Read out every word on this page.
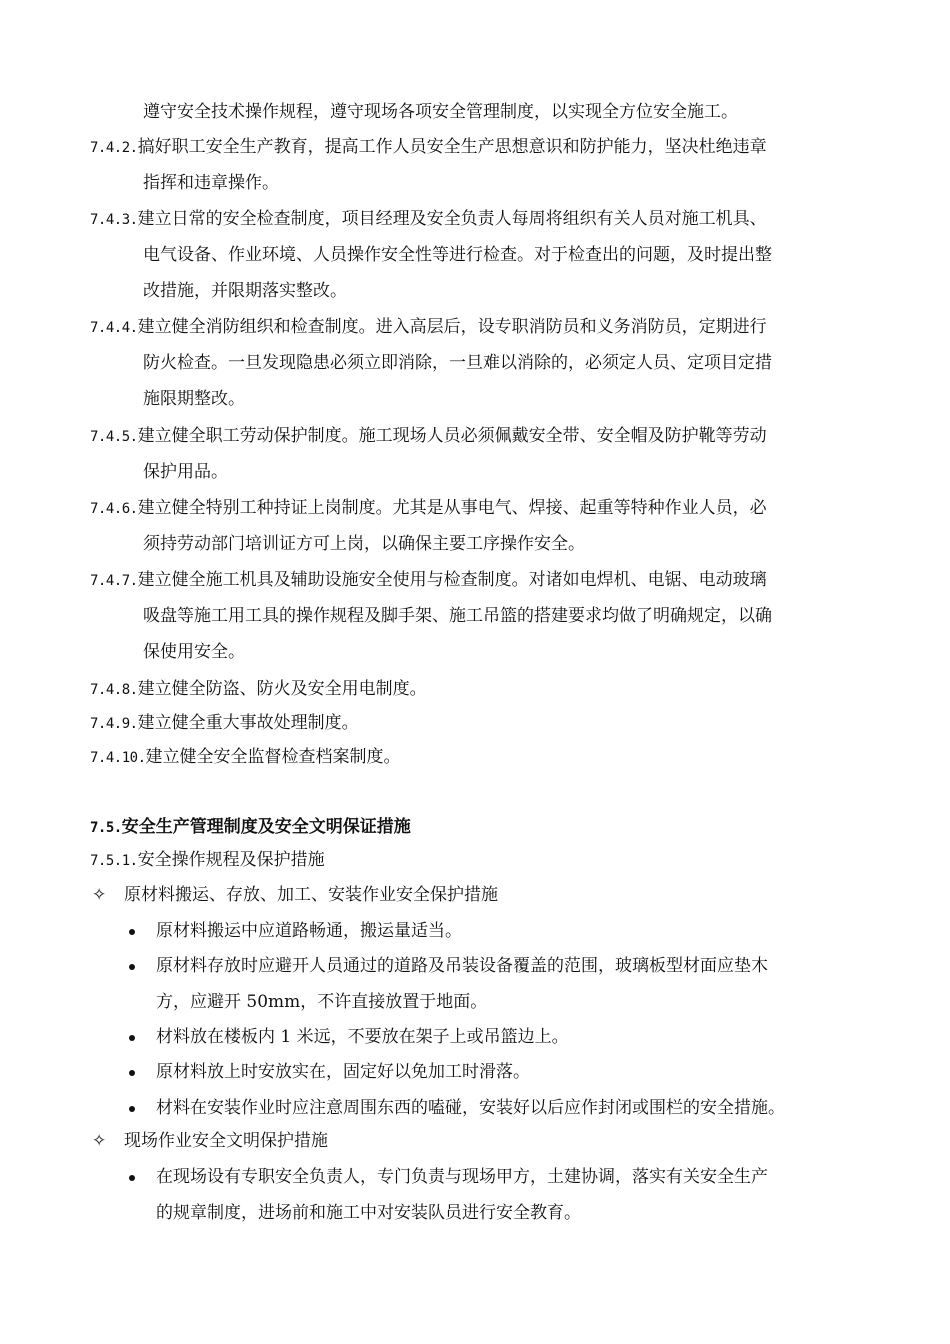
遵守安全技术操作规程，遵守现场各项安全管理制度，以实现全方位安全施工。
7.4.2.搞好职工安全生产教育，提高工作人员安全生产思想意识和防护能力，坚决杜绝违章
指挥和违章操作。
7.4.3.建立日常的安全检查制度，项目经理及安全负责人每周将组织有关人员对施工机具、
电气设备、作业环境、人员操作安全性等进行检查。对于检查出的问题，及时提出整
改措施，并限期落实整改。
7.4.4.建立健全消防组织和检查制度。进入高层后，设专职消防员和义务消防员，定期进行
防火检查。一旦发现隐患必须立即消除，一旦难以消除的，必须定人员、定项目定措
施限期整改。
7.4.5.建立健全职工劳动保护制度。施工现场人员必须佩戴安全带、安全帽及防护靴等劳动
保护用品。
7.4.6.建立健全特别工种持证上岗制度。尤其是从事电气、焊接、起重等特种作业人员，必
须持劳动部门培训证方可上岗，以确保主要工序操作安全。
7.4.7.建立健全施工机具及辅助设施安全使用与检查制度。对诸如电焊机、电锯、电动玻璃
吸盘等施工用工具的操作规程及脚手架、施工吊篮的搭建要求均做了明确规定，以确
保使用安全。
7.4.8.建立健全防盗、防火及安全用电制度。
7.4.9.建立健全重大事故处理制度。
7.4.10.建立健全安全监督检查档案制度。
7.5.安全生产管理制度及安全文明保证措施
7.5.1.安全操作规程及保护措施
✧ 原材料搬运、存放、加工、安装作业安全保护措施
原材料搬运中应道路畅通，搬运量适当。
原材料存放时应避开人员通过的道路及吊装设备覆盖的范围，玻璃板型材面应垫木
方，应避开 50mm，不许直接放置于地面。
材料放在楼板内 1 米远，不要放在架子上或吊篮边上。
原材料放上时安放实在，固定好以免加工时滑落。
材料在安装作业时应注意周围东西的嗑碰，安装好以后应作封闭或围栏的安全措施。
✧ 现场作业安全文明保护措施
在现场设有专职安全负责人，专门负责与现场甲方，土建协调，落实有关安全生产
的规章制度，进场前和施工中对安装队员进行安全教育。
